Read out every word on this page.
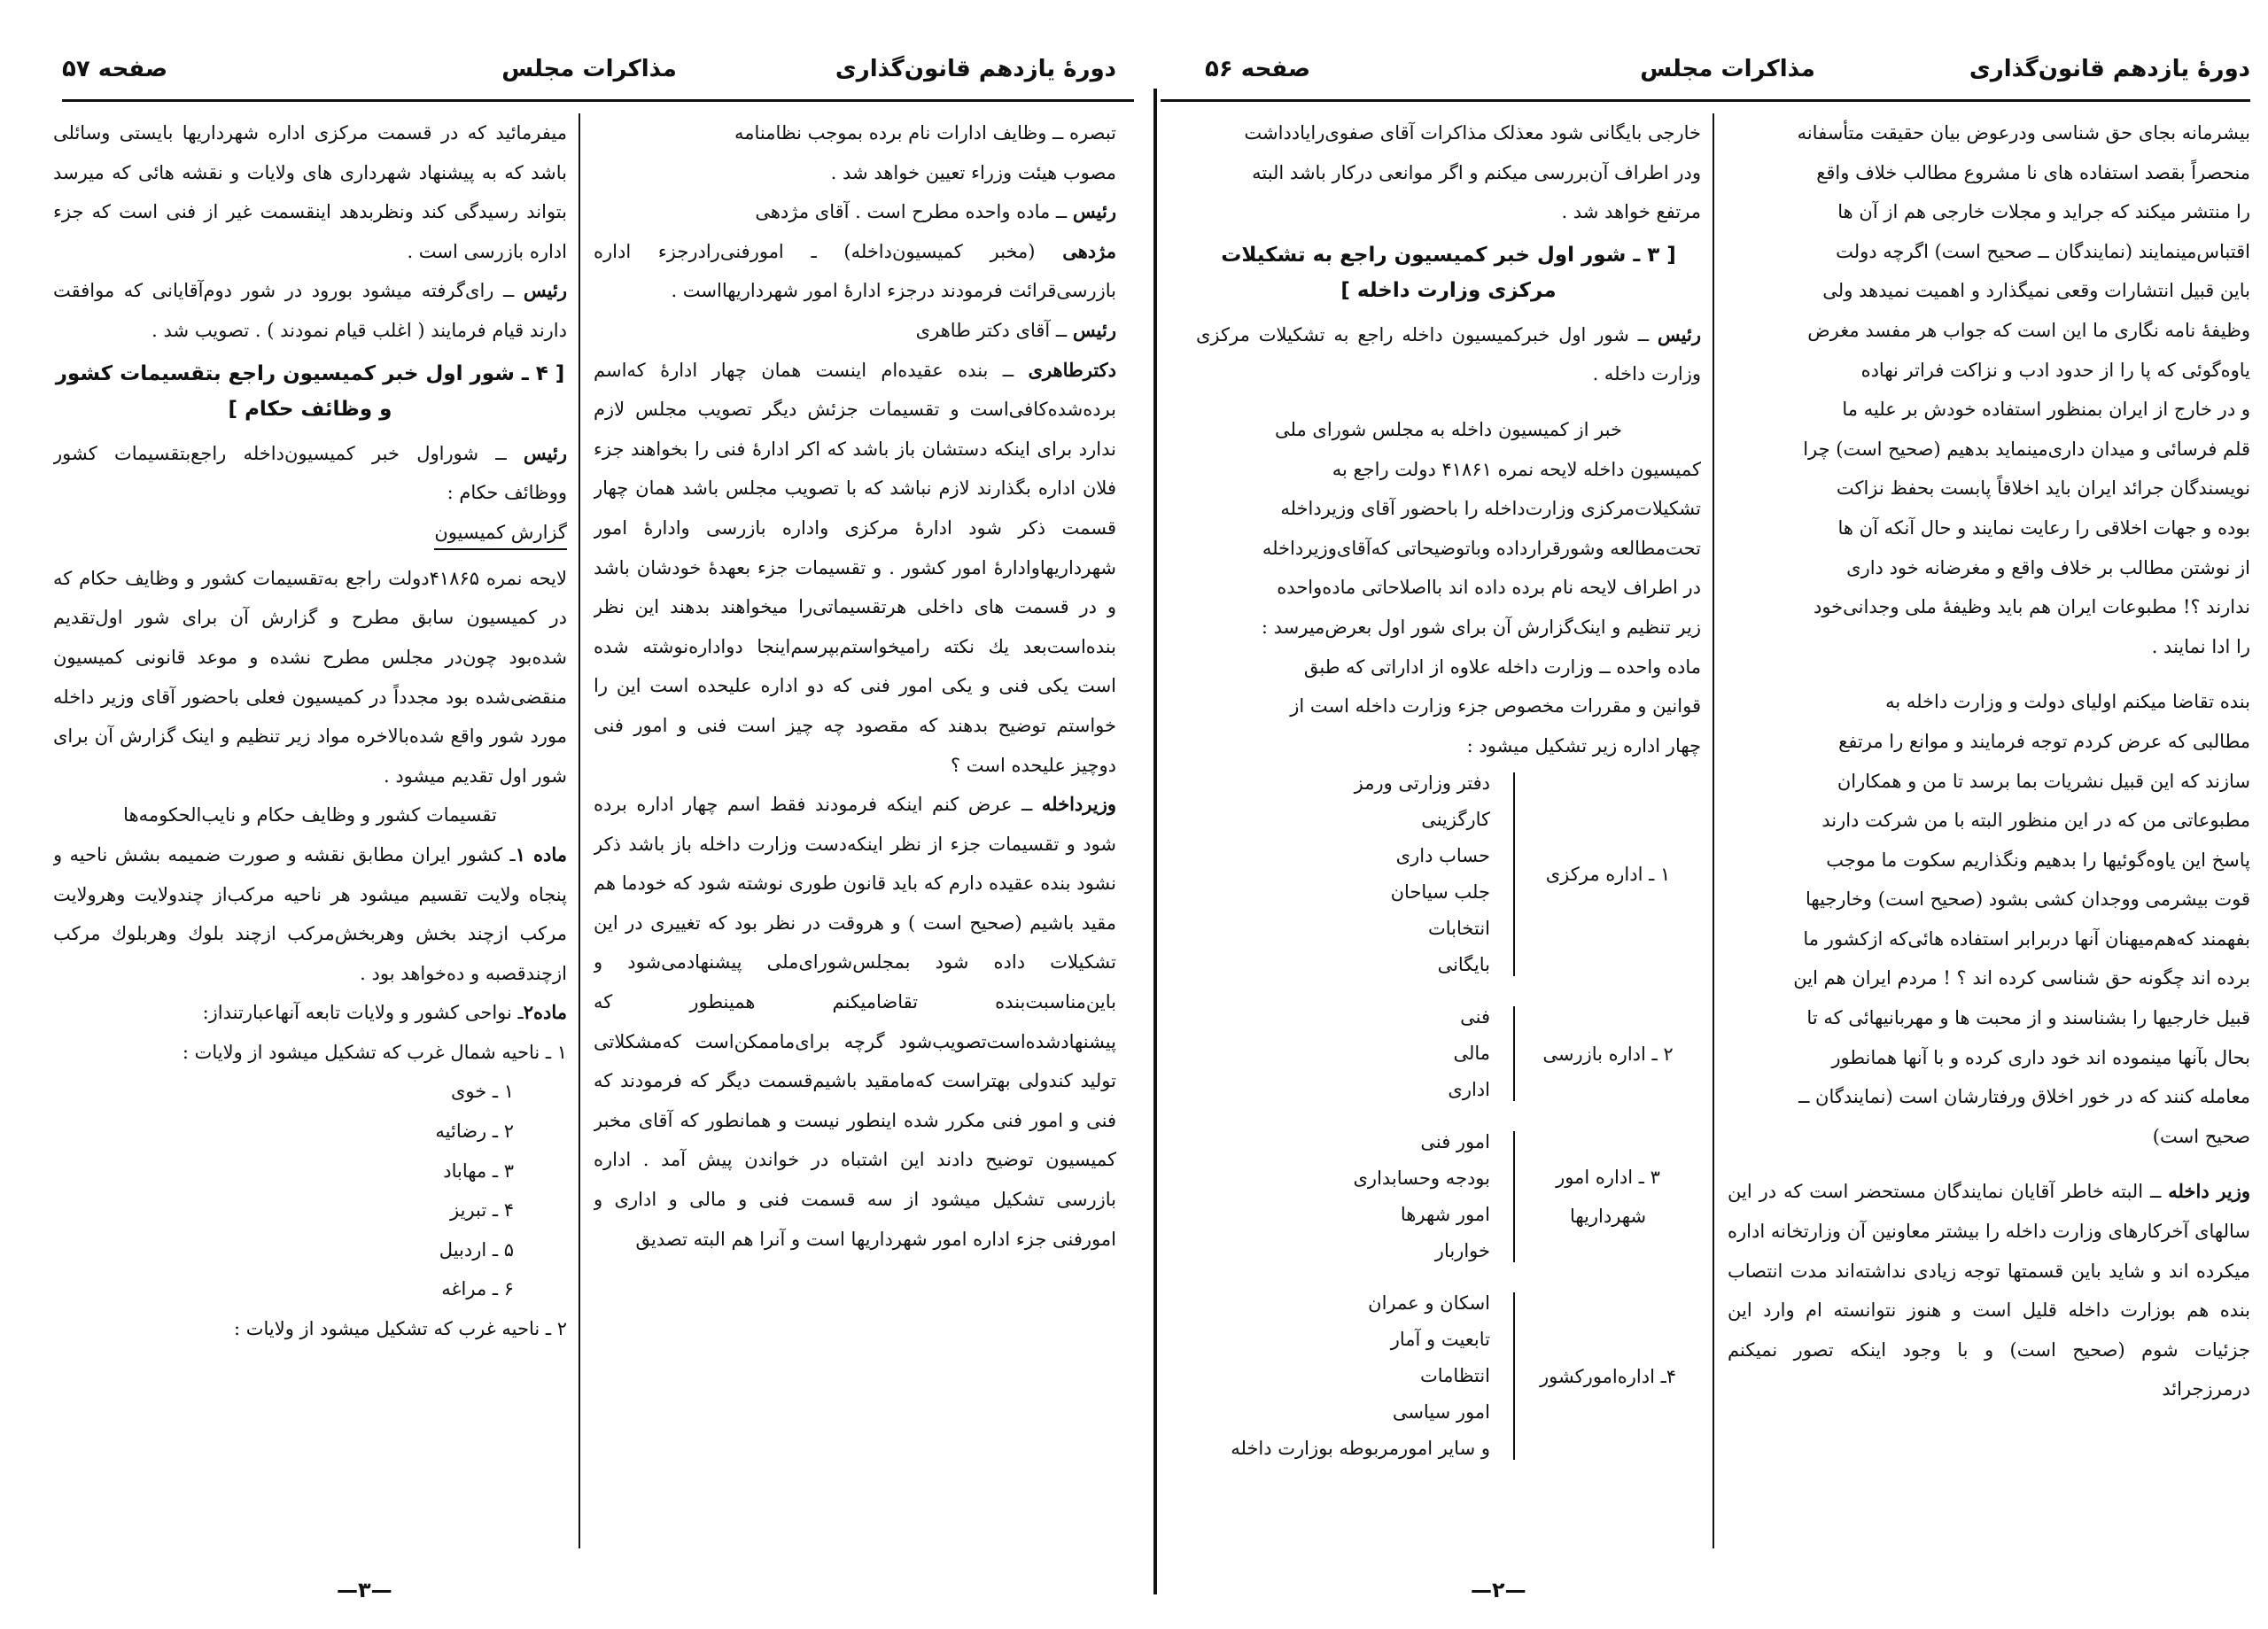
دورهٔ یازدهم قانون‌گذاری
مذاکرات مجلس
صفحه ۵۶

بیشرمانه بجای حق شناسی ودرعوض بیان حقیقت متأسفانه

منحصراً بقصد استفاده های نا مشروع مطالب خلاف واقع

را منتشر میکند که جراید و مجلات خارجی هم از آن ها

اقتباس‌مینمایند (نمایندگان ــ صحیح است) اگرچه دولت

باین قبیل انتشارات وقعی نمیگذارد و اهمیت نمیدهد ولی

وظیفهٔ نامه نگاری ما این است که جواب هر مفسد مغرض

یاوه‌گوئی که پا را از حدود ادب و نزاکت فراتر نهاده

و در خارج از ایران بمنظور استفاده خودش بر علیه ما

قلم فرسائی و میدان داری‌مینماید بدهیم (صحیح است) چرا

نویسندگان جرائد ایران باید اخلاقاً پابست بحفظ نزاکت

بوده و جهات اخلاقی را رعایت نمایند و حال آنکه آن ها

از نوشتن مطالب بر خلاف واقع و مغرضانه خود داری

ندارند ؟! مطبوعات ایران هم باید وظیفهٔ ملی وجدانی‌خود

را ادا نمایند .

بنده تقاضا میکنم اولیای دولت و وزارت داخله به

مطالبی که عرض کردم توجه فرمایند و موانع را مرتفع

سازند که این قبیل نشریات بما برسد تا من و همکاران

مطبوعاتی من که در این منظور البته با من شرکت دارند

پاسخ این یاوه‌گوئیها را بدهیم ونگذاریم سکوت ما موجب

قوت بیشرمی ووجدان کشی بشود (صحیح است) وخارجیها

بفهمند که‌هم‌میهنان آنها دربرابر استفاده هائی‌که ازکشور ما

برده اند چگونه حق شناسی کرده اند ؟ ! مردم ایران هم این

قبیل خارجیها را بشناسند و از محبت ها و مهربانیهائی که تا

بحال بآنها مینموده اند خود داری کرده و با آنها همانطور

معامله کنند که در خور اخلاق ورفتارشان است (نمایندگان ــ

صحیح است)

وزیر داخله ــ البته خاطر آقایان نمایندگان مستحضر است که در این سالهای آخرکارهای وزارت داخله را بیشتر معاونین آن وزارتخانه اداره میکرده اند و شاید باین قسمتها توجه زیادی نداشته‌اند مدت انتصاب بنده هم بوزارت داخله قلیل است و هنوز نتوانسته ام وارد این جزئیات شوم (صحیح است) و با وجود اینکه تصور نمیکنم درمرزجرائد

خارجی بایگانی شود معذلک مذاکرات آقای صفوی‌رایادداشت

ودر اطراف آن‌بررسی میکنم و اگر موانعی درکار باشد البته

مرتفع خواهد شد .

[ ۳ ـ شور اول خبر کمیسیون راجع به تشکیلات مرکزی وزارت داخله ]

رئیس ــ شور اول خبرکمیسیون داخله راجع به تشکیلات مرکزی وزارت داخله .

خبر از کمیسیون داخله به مجلس شورای ملی

کمیسیون داخله لایحه نمره ۴۱۸۶۱ دولت راجع به

تشکیلات‌مرکزی وزارت‌داخله را باحضور آقای وزیرداخله

تحت‌مطالعه وشورقرارداده وباتوضیحاتی که‌آقای‌وزیرداخله

در اطراف لایحه نام برده داده اند بااصلاحاتی ماده‌واحده

زیر تنظیم و اینک‌گزارش آن برای شور اول بعرض‌میرسد :

ماده واحده ــ وزارت داخله علاوه از اداراتی که طبق

قوانین و مقررات مخصوص جزء وزارت داخله است از

چهار اداره زیر تشکیل میشود :

۱ ـ اداره مرکزی
دفتر وزارتی ورمز
کارگزینی
حساب داری
جلب سیاحان
انتخابات
بایگانی
۲ ـ اداره بازرسی
فنی
مالی
اداری
۳ ـ اداره امور شهرداریها
امور فنی
بودجه وحسابداری
امور شهرها
خواربار
۴ـ اداره‌امورکشور
اسکان و عمران
تابعیت و آمار
انتظامات
امور سیاسی
و سایر امورمربوطه بوزارت داخله
—۲—
دورهٔ یازدهم قانون‌گذاری
مذاکرات مجلس
صفحه ۵۷

تبصره ــ وظایف ادارات نام برده بموجب نظامنامه

مصوب هیئت وزراء تعیین خواهد شد .

رئیس ــ ماده واحده مطرح است . آقای مژدهی

مژدهی (مخبر کمیسیون‌داخله) ـ امورفنی‌رادرجزء اداره بازرسی‌قرائت فرمودند درجزء ادارهٔ امور شهرداریهااست .

رئیس ــ آقای دکتر طاهری

دکترطاهری ــ بنده عقیده‌ام اینست همان چهار ادارهٔ که‌اسم برده‌شده‌کافی‌است و تقسیمات جزئش دیگر تصویب مجلس لازم ندارد برای اینکه دستشان باز باشد که اکر ادارهٔ فنی را بخواهند جزء فلان اداره بگذارند لازم نباشد که با تصویب مجلس باشد همان چهار قسمت ذکر شود ادارهٔ مرکزی واداره بازرسی وادارهٔ امور شهرداریهاوادارهٔ امور کشور . و تقسیمات جزء بعهدهٔ خودشان باشد و در قسمت های داخلی هرتقسیماتی‌را میخواهند بدهند این نظر بنده‌است‌بعد یك نکته رامیخواستم‌بپرسم‌اینجا دواداره‌نوشته شده است یکی فنی و یکی امور فنی که دو اداره علیحده است این را خواستم توضیح بدهند که مقصود چه چیز است فنی و امور فنی دوچیز علیحده است ؟

وزیرداخله ــ عرض کنم اینکه فرمودند فقط اسم چهار اداره برده شود و تقسیمات جزء از نظر اینکه‌دست وزارت داخله باز باشد ذکر نشود بنده عقیده دارم که باید قانون طوری نوشته شود که خودما هم مقید باشیم (صحیح است ) و هروقت در نظر بود که تغییری در این تشکیلات داده شود بمجلس‌شورای‌ملی پیشنهادمی‌شود و باین‌مناسبت‌بنده تقاضامیکنم همینطور که پیشنهادشده‌است‌تصویب‌شود گرچه برای‌ما‌ممکن‌است که‌مشکلاتی تولید کندولی بهتراست که‌مامقید باشیم‌قسمت دیگر که فرمودند که فنی و امور فنی مکرر شده اینطور نیست و همانطور که آقای مخبر کمیسیون توضیح دادند این اشتباه در خواندن پیش آمد . اداره بازرسی تشکیل میشود از سه قسمت فنی و مالی و اداری و امورفنی جزء اداره امور شهرداریها است و آنرا هم البته تصدیق

میفرمائید که در قسمت مرکزی اداره شهرداریها بایستی وسائلی باشد که به پیشنهاد شهرداری های ولایات و نقشه هائی که میرسد بتواند رسیدگی کند ونظربدهد اینقسمت غیر از فنی است که جزء اداره بازرسی است .

رئیس ــ رای‌گرفته میشود بورود در شور دوم‌آقایانی که موافقت دارند قیام فرمایند ( اغلب قیام نمودند ) . تصویب شد .

[ ۴ ـ شور اول خبر کمیسیون راجع بتقسیمات کشور و وظائف حکام ]

رئیس ــ شوراول خبر کمیسیون‌داخله راجع‌بتقسیمات کشور ووظائف حکام :

گزارش کمیسیون

لایحه نمره ۴۱۸۶۵دولت راجع به‌تقسیمات کشور و وظایف حکام که در کمیسیون سابق مطرح و گزارش آن برای شور اول‌تقدیم شده‌بود چون‌در مجلس مطرح نشده و موعد قانونی کمیسیون منقضی‌شده بود مجدداً در کمیسیون فعلی باحضور آقای وزیر داخله مورد شور واقع شده‌بالاخره مواد زیر تنظیم و اینک گزارش آن برای شور اول تقدیم میشود .

تقسیمات کشور و وظایف حکام و نایب‌الحکومه‌ها

ماده ۱ـ کشور ایران مطابق نقشه و صورت ضمیمه بشش ناحیه و پنجاه ولایت تقسیم میشود هر ناحیه مرکب‌از چندولایت وهرولایت مرکب ازچند بخش وهربخش‌مرکب ازچند بلوك وهربلوك مرکب ازچندقصبه و ده‌خواهد بود .

ماده۲ـ نواحی کشور و ولایات تابعه آنهاعبارتنداز:

۱ ـ ناحیه شمال غرب که تشکیل میشود از ولایات :

۱ ـ خوی

۲ ـ رضائیه

۳ ـ مهاباد

۴ ـ تبریز

۵ ـ اردبیل

۶ ـ مراغه

۲ ـ ناحیه غرب که تشکیل میشود از ولایات :

—۳—
